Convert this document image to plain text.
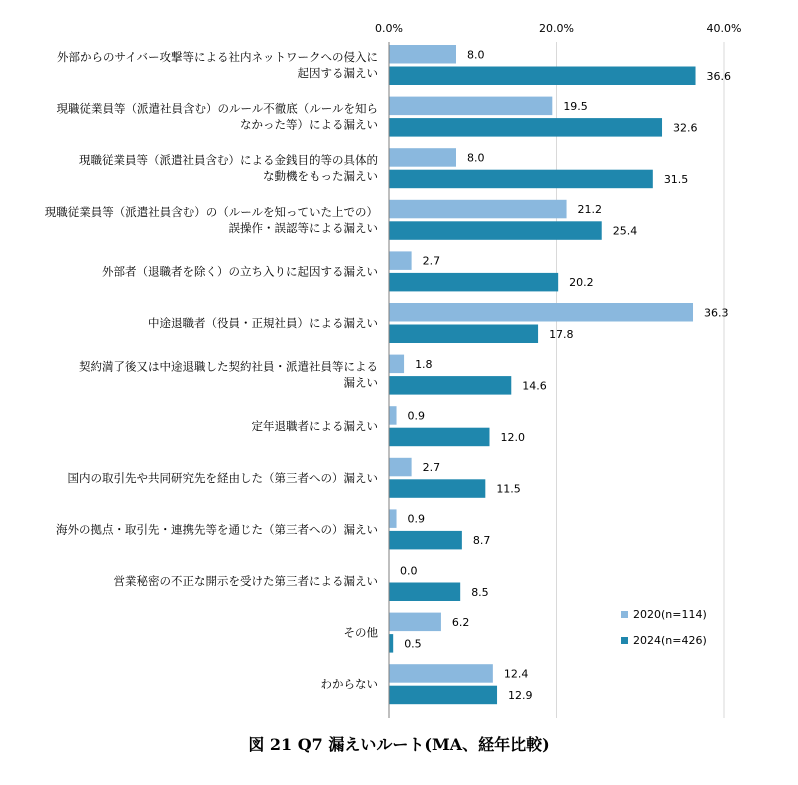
0.0%	20.0%	40.0%
外部からのサイバー攻撃等による社内ネットワークへの侵入に
起因する漏えい
8.0
36.6
現職従業員等（派遣社員含む）のルール不徹底（ルールを知ら
なかった等）による漏えい
19.5
32.6
現職従業員等（派遣社員含む）による金銭目的等の具体的
な動機をもった漏えい
8.0
31.5
現職従業員等（派遣社員含む）の（ルールを知っていた上での）
誤操作・誤認等による漏えい
21.2
25.4
外部者（退職者を除く）の立ち入りに起因する漏えい
2.7
20.2
中途退職者（役員・正規社員）による漏えい
36.3
17.8
契約満了後又は中途退職した契約社員・派遣社員等による
漏えい
1.8
14.6
定年退職者による漏えい
0.9
12.0
国内の取引先や共同研究先を経由した（第三者への）漏えい
2.7
11.5
海外の拠点・取引先・連携先等を通じた（第三者への）漏えい
0.9
8.7
営業秘密の不正な開示を受けた第三者による漏えい
0.0
8.5
その他
6.2
0.5
わからない
12.4
12.9
2020(n=114)
2024(n=426)
図 21 Q7 漏えいルート(MA、経年比較)
